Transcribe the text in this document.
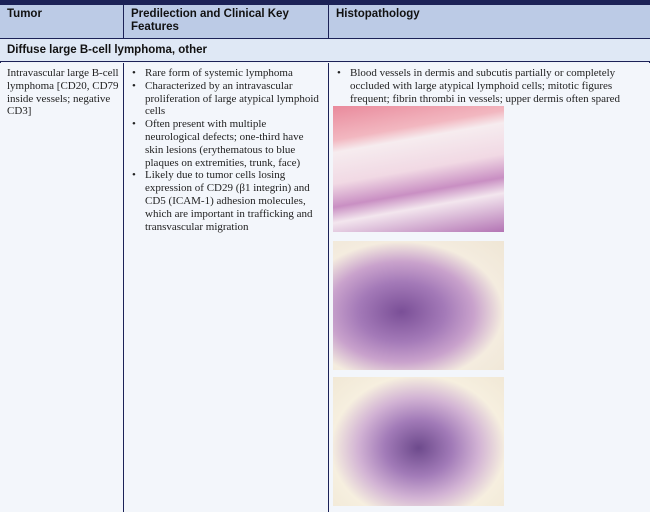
Tumor	Predilection and Clinical Key Features
Histopathology
Diffuse large B-cell lymphoma, other
Intravascular large B-cell lymphoma [CD20, CD79 inside vessels; negative CD3]
• Rare form of systemic lymphoma
• Characterized by an intravascular proliferation of large atypical lymphoid cells
• Often present with multiple neurological defects; one-third have skin lesions (erythematous to blue plaques on extremities, trunk, face)
• Likely due to tumor cells losing expression of CD29 (β1 integrin) and CD5 (ICAM-1) adhesion molecules, which are important in trafficking and transvascular migration
• Blood vessels in dermis and subcutis partially or completely occluded with large atypical lymphoid cells; mitotic figures frequent; fibrin thrombi in vessels; upper dermis often spared
